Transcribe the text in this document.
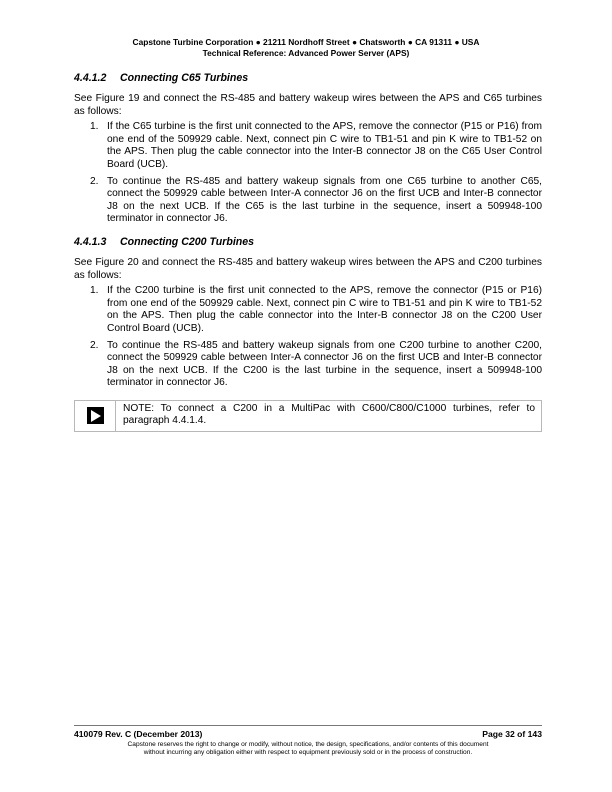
Capstone Turbine Corporation ● 21211 Nordhoff Street ● Chatsworth ● CA 91311 ● USA
Technical Reference: Advanced Power Server (APS)
4.4.1.2 Connecting C65 Turbines

See Figure 19 and connect the RS-485 and battery wakeup wires between the APS and C65 turbines as follows:

1. If the C65 turbine is the first unit connected to the APS, remove the connector (P15 or P16) from one end of the 509929 cable. Next, connect pin C wire to TB1-51 and pin K wire to TB1-52 on the APS. Then plug the cable connector into the Inter-B connector J8 on the C65 User Control Board (UCB).
2. To continue the RS-485 and battery wakeup signals from one C65 turbine to another C65, connect the 509929 cable between Inter-A connector J6 on the first UCB and Inter-B connector J8 on the next UCB. If the C65 is the last turbine in the sequence, insert a 509948-100 terminator in connector J6.
4.4.1.3 Connecting C200 Turbines

See Figure 20 and connect the RS-485 and battery wakeup wires between the APS and C200 turbines as follows:

1. If the C200 turbine is the first unit connected to the APS, remove the connector (P15 or P16) from one end of the 509929 cable. Next, connect pin C wire to TB1-51 and pin K wire to TB1-52 on the APS. Then plug the cable connector into the Inter-B connector J8 on the C200 User Control Board (UCB).
2. To continue the RS-485 and battery wakeup signals from one C200 turbine to another C200, connect the 509929 cable between Inter-A connector J6 on the first UCB and Inter-B connector J8 on the next UCB. If the C200 is the last turbine in the sequence, insert a 509948-100 terminator in connector J6.
NOTE: To connect a C200 in a MultiPac with C600/C800/C1000 turbines, refer to paragraph 4.4.1.4.
410079 Rev. C (December 2013)	Page 32 of 143
Capstone reserves the right to change or modify, without notice, the design, specifications, and/or contents of this document
without incurring any obligation either with respect to equipment previously sold or in the process of construction.
